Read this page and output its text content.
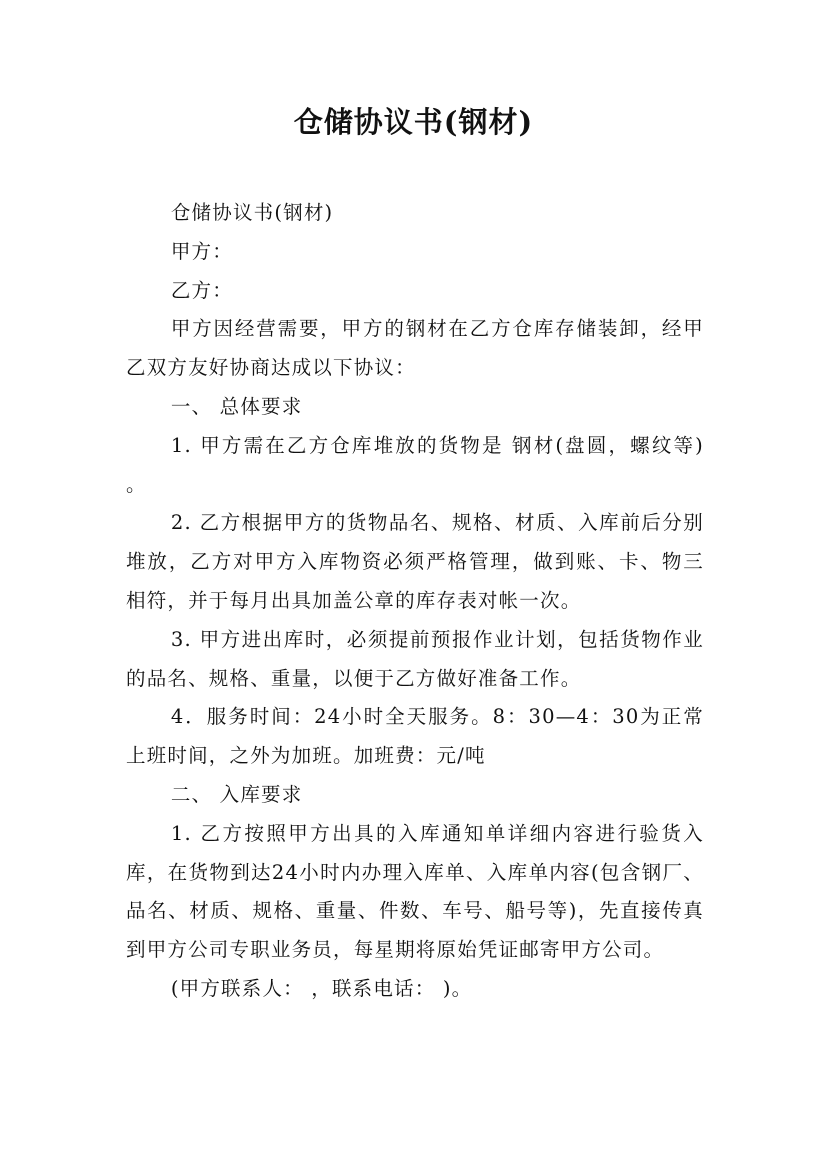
仓储协议书(钢材)

仓储协议书(钢材)

甲方：

乙方：

甲方因经营需要，甲方的钢材在乙方仓库存储装卸，经甲乙双方友好协商达成以下协议：

一、 总体要求

1. 甲方需在乙方仓库堆放的货物是 钢材(盘圆，螺纹等) 。

2. 乙方根据甲方的货物品名、规格、材质、入库前后分别堆放，乙方对甲方入库物资必须严格管理，做到账、卡、物三相符，并于每月出具加盖公章的库存表对帐一次。

3. 甲方进出库时，必须提前预报作业计划，包括货物作业的品名、规格、重量，以便于乙方做好准备工作。

4．服务时间：24小时全天服务。8：30—4：30为正常上班时间，之外为加班。加班费：元/吨

二、 入库要求

1. 乙方按照甲方出具的入库通知单详细内容进行验货入库，在货物到达24小时内办理入库单、入库单内容(包含钢厂、品名、材质、规格、重量、件数、车号、船号等)，先直接传真到甲方公司专职业务员，每星期将原始凭证邮寄甲方公司。

(甲方联系人： ，联系电话： )。
